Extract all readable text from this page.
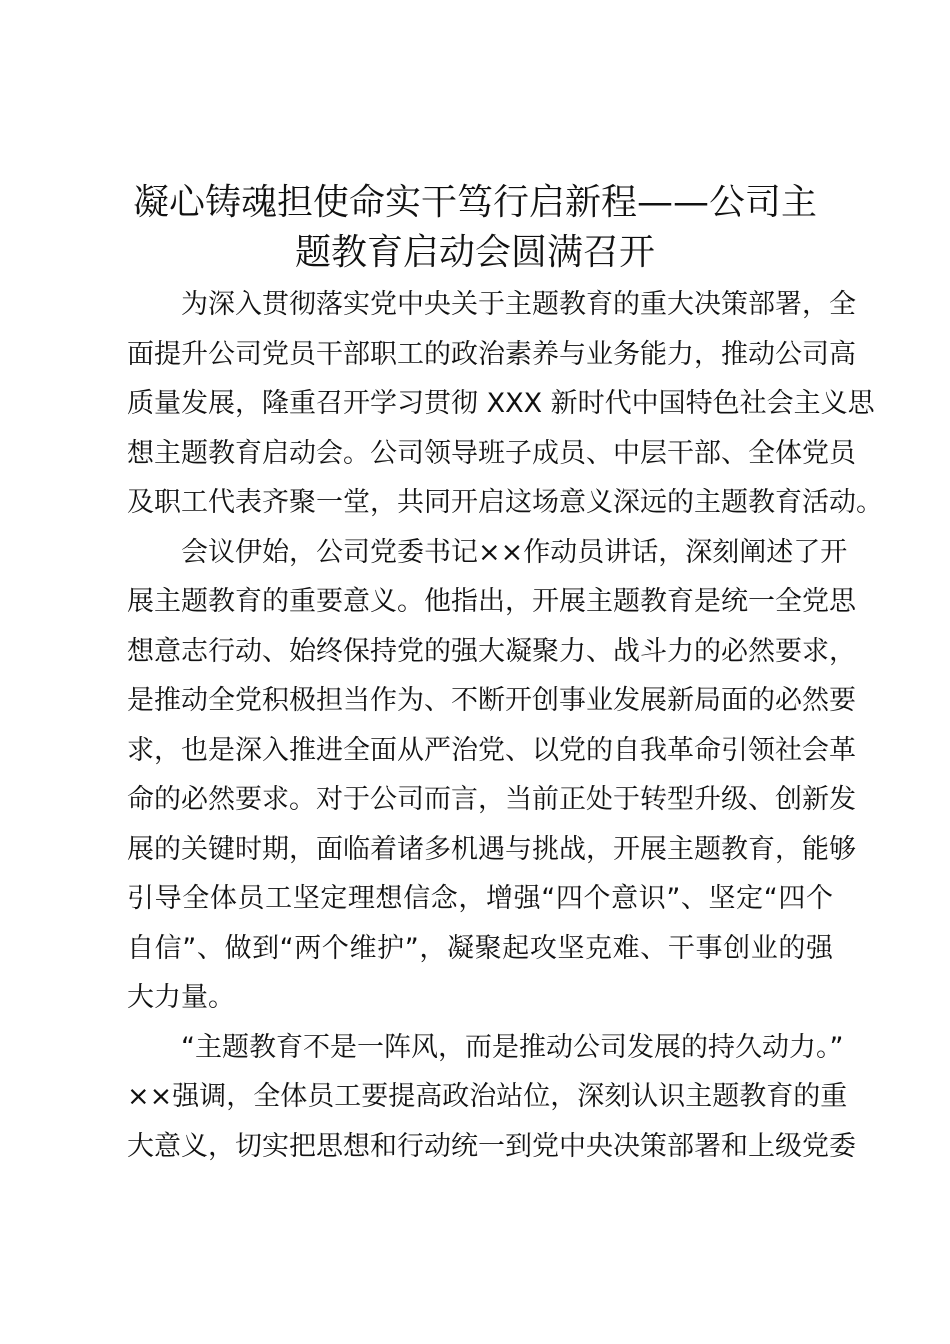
凝心铸魂担使命实干笃行启新程——公司主
题教育启动会圆满召开

为深入贯彻落实党中央关于主题教育的重大决策部署，全
面提升公司党员干部职工的政治素养与业务能力，推动公司高
质量发展，隆重召开学习贯彻 XXX 新时代中国特色社会主义思
想主题教育启动会。公司领导班子成员、中层干部、全体党员
及职工代表齐聚一堂，共同开启这场意义深远的主题教育活动。

会议伊始，公司党委书记××作动员讲话，深刻阐述了开
展主题教育的重要意义。他指出，开展主题教育是统一全党思
想意志行动、始终保持党的强大凝聚力、战斗力的必然要求，
是推动全党积极担当作为、不断开创事业发展新局面的必然要
求，也是深入推进全面从严治党、以党的自我革命引领社会革
命的必然要求。对于公司而言，当前正处于转型升级、创新发
展的关键时期，面临着诸多机遇与挑战，开展主题教育，能够
引导全体员工坚定理想信念，增强“四个意识”、坚定“四个
自信”、做到“两个维护”，凝聚起攻坚克难、干事创业的强
大力量。

“主题教育不是一阵风，而是推动公司发展的持久动力。”
××强调，全体员工要提高政治站位，深刻认识主题教育的重
大意义，切实把思想和行动统一到党中央决策部署和上级党委
